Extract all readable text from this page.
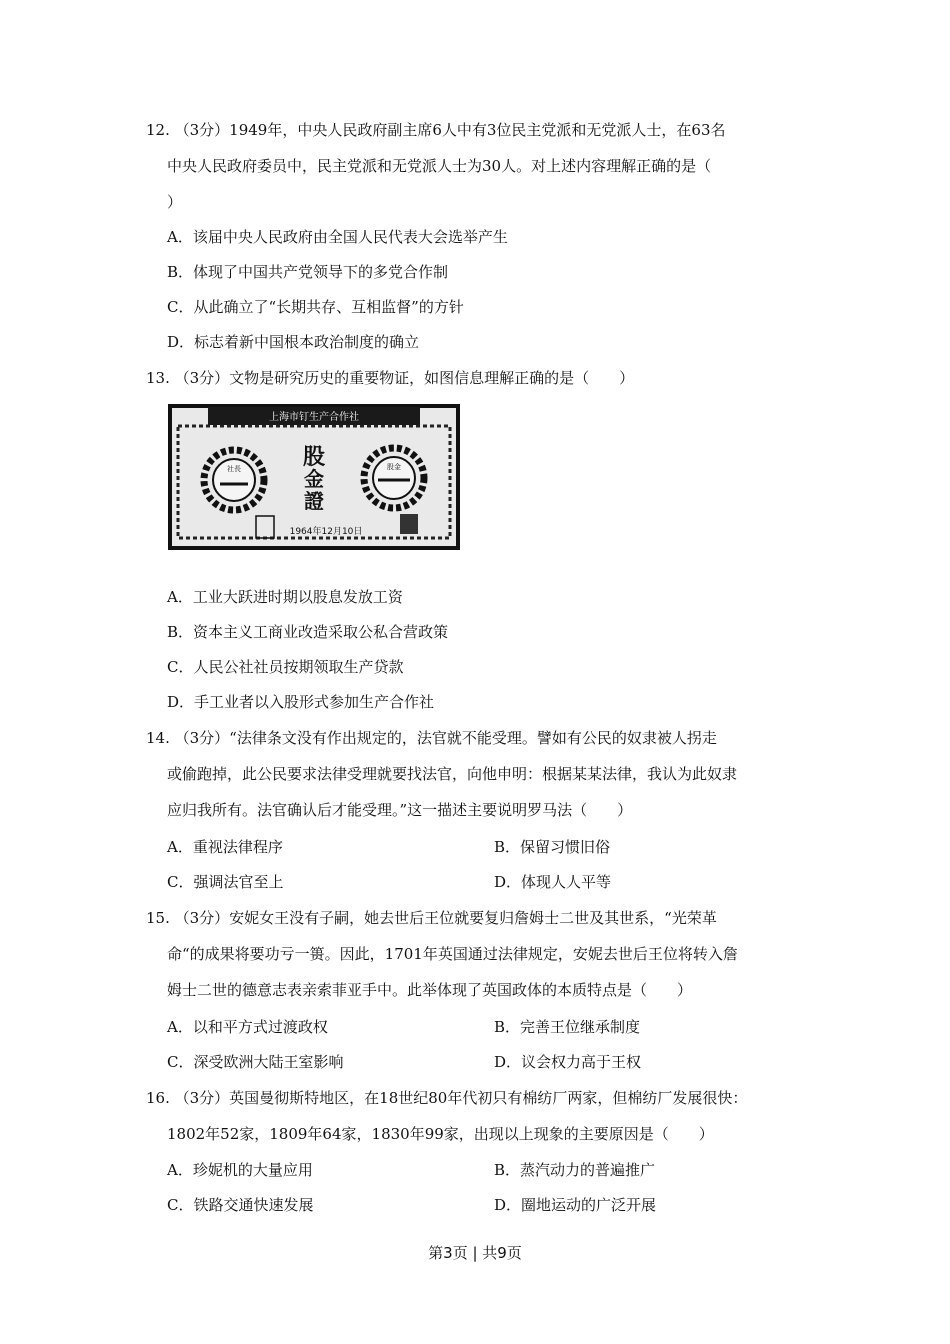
12. （3分）1949年，中央人民政府副主席6人中有3位民主党派和无党派人士，在63名
中央人民政府委员中，民主党派和无党派人士为30人。对上述内容理解正确的是（
）
A．该届中央人民政府由全国人民代表大会选举产生
B．体现了中国共产党领导下的多党合作制
C．从此确立了“长期共存、互相监督”的方针
D．标志着新中国根本政治制度的确立
13. （3分）文物是研究历史的重要物证，如图信息理解正确的是（　　）
上海市钉生产合作社
社長	股金
股
金
證
1964年12月10日
A．工业大跃进时期以股息发放工资
B．资本主义工商业改造采取公私合营政策
C．人民公社社员按期领取生产贷款
D．手工业者以入股形式参加生产合作社
14. （3分）“法律条文没有作出规定的，法官就不能受理。譬如有公民的奴隶被人拐走
或偷跑掉，此公民要求法律受理就要找法官，向他申明：根据某某法律，我认为此奴隶
应归我所有。法官确认后才能受理。”这一描述主要说明罗马法（　　）
A．重视法律程序	B．保留习惯旧俗
C．强调法官至上	D．体现人人平等
15. （3分）安妮女王没有子嗣，她去世后王位就要复归詹姆士二世及其世系，“光荣革
命“的成果将要功亏一篑。因此，1701年英国通过法律规定，安妮去世后王位将转入詹
姆士二世的德意志表亲索菲亚手中。此举体现了英国政体的本质特点是（　　）
A．以和平方式过渡政权	B．完善王位继承制度
C．深受欧洲大陆王室影响	D．议会权力高于王权
16. （3分）英国曼彻斯特地区，在18世纪80年代初只有棉纺厂两家，但棉纺厂发展很快：
1802年52家，1809年64家，1830年99家，出现以上现象的主要原因是（　　）
A．珍妮机的大量应用	B．蒸汽动力的普遍推广
C．铁路交通快速发展	D．圈地运动的广泛开展
第3页 | 共9页
